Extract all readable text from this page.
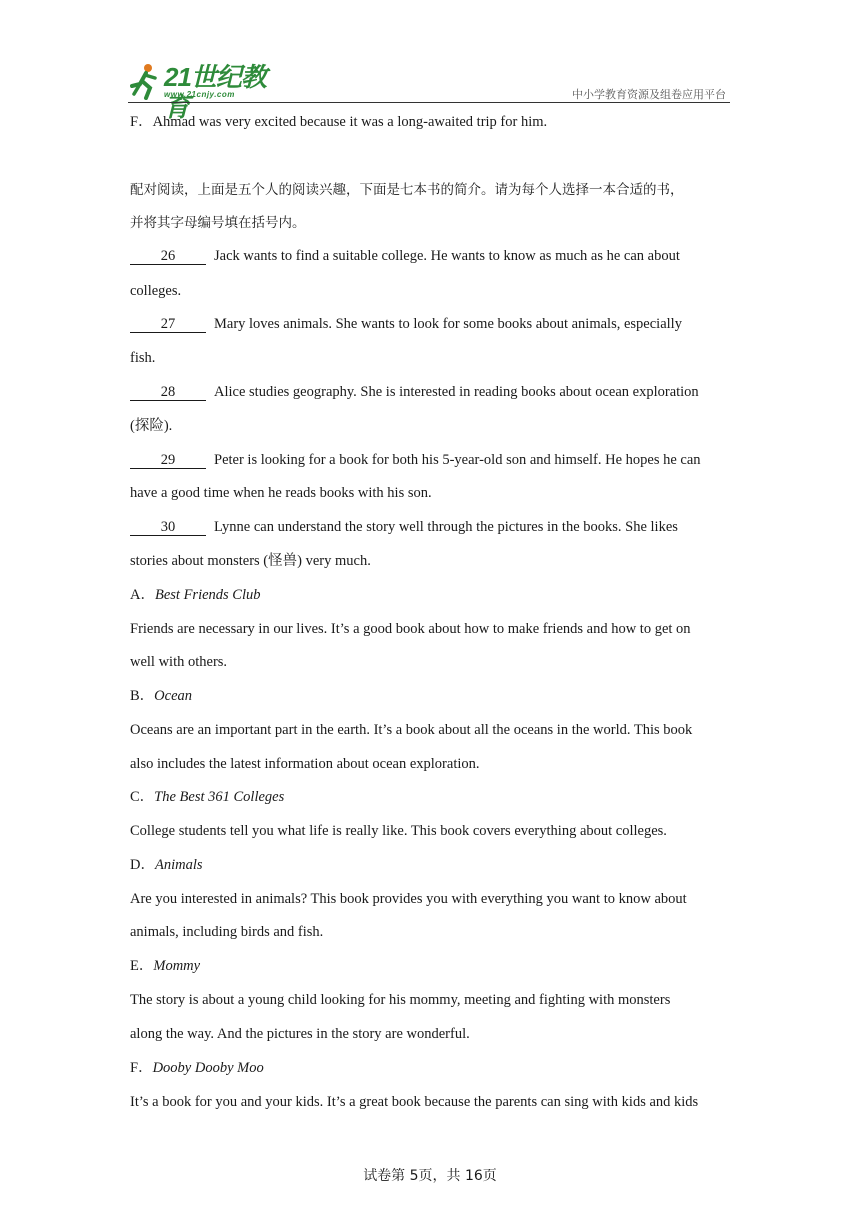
21世纪教育
www.21cnjy.com	中小学教育资源及组卷应用平台
F．Ahmad was very excited because it was a long-awaited trip for him.
配对阅读，上面是五个人的阅读兴趣，下面是七本书的简介。请为每个人选择一本合适的书，
并将其字母编号填在括号内。
26	Jack wants to find a suitable college. He wants to know as much as he can about
colleges.
27	Mary loves animals. She wants to look for some books about animals, especially
fish.
28	Alice studies geography. She is interested in reading books about ocean exploration
(探险).
29	Peter is looking for a book for both his 5-year-old son and himself. He hopes he can
have a good time when he reads books with his son.
30	Lynne can understand the story well through the pictures in the books. She likes
stories about monsters (怪兽) very much.
A．Best Friends Club
Friends are necessary in our lives. It’s a good book about how to make friends and how to get on
well with others.
B．Ocean
Oceans are an important part in the earth. It’s a book about all the oceans in the world. This book
also includes the latest information about ocean exploration.
C．The Best 361 Colleges
College students tell you what life is really like. This book covers everything about colleges.
D．Animals
Are you interested in animals? This book provides you with everything you want to know about
animals, including birds and fish.
E．Mommy
The story is about a young child looking for his mommy, meeting and fighting with monsters
along the way. And the pictures in the story are wonderful.
F．Dooby Dooby Moo
It’s a book for you and your kids. It’s a great book because the parents can sing with kids and kids
试卷第 5页，共 16页
